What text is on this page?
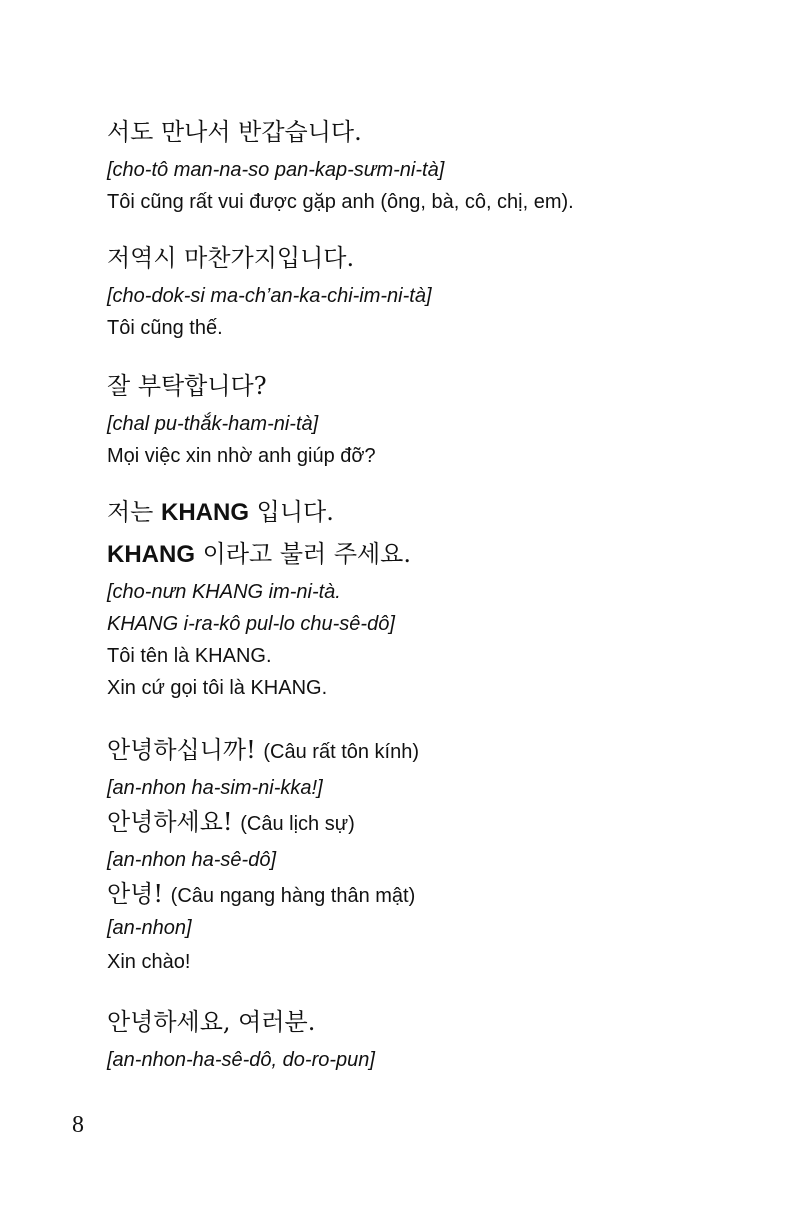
서도 만나서 반갑습니다.
[cho-tô man-na-so pan-kap-sưm-ni-tà]
Tôi cũng rất vui được gặp anh (ông, bà, cô, chị, em).
저역시 마찬가지입니다.
[cho-dok-si ma-ch’an-ka-chi-im-ni-tà]
Tôi cũng thế.
잘 부탁합니다?
[chal pu-thắk-ham-ni-tà]
Mọi việc xin nhờ anh giúp đỡ?
저는 KHANG 입니다.
KHANG 이라고 불러 주세요.
[cho-nưn KHANG im-ni-tà.
KHANG i-ra-kô pul-lo chu-sê-dô]
Tôi tên là KHANG.
Xin cứ gọi tôi là KHANG.
안녕하십니까! (Câu rất tôn kính)
[an-nhon ha-sim-ni-kka!]
안녕하세요! (Câu lịch sự)
[an-nhon ha-sê-dô]
안녕! (Câu ngang hàng thân mật)
[an-nhon]
Xin chào!
안녕하세요, 여러분.
[an-nhon-ha-sê-dô, do-ro-pun]
8
